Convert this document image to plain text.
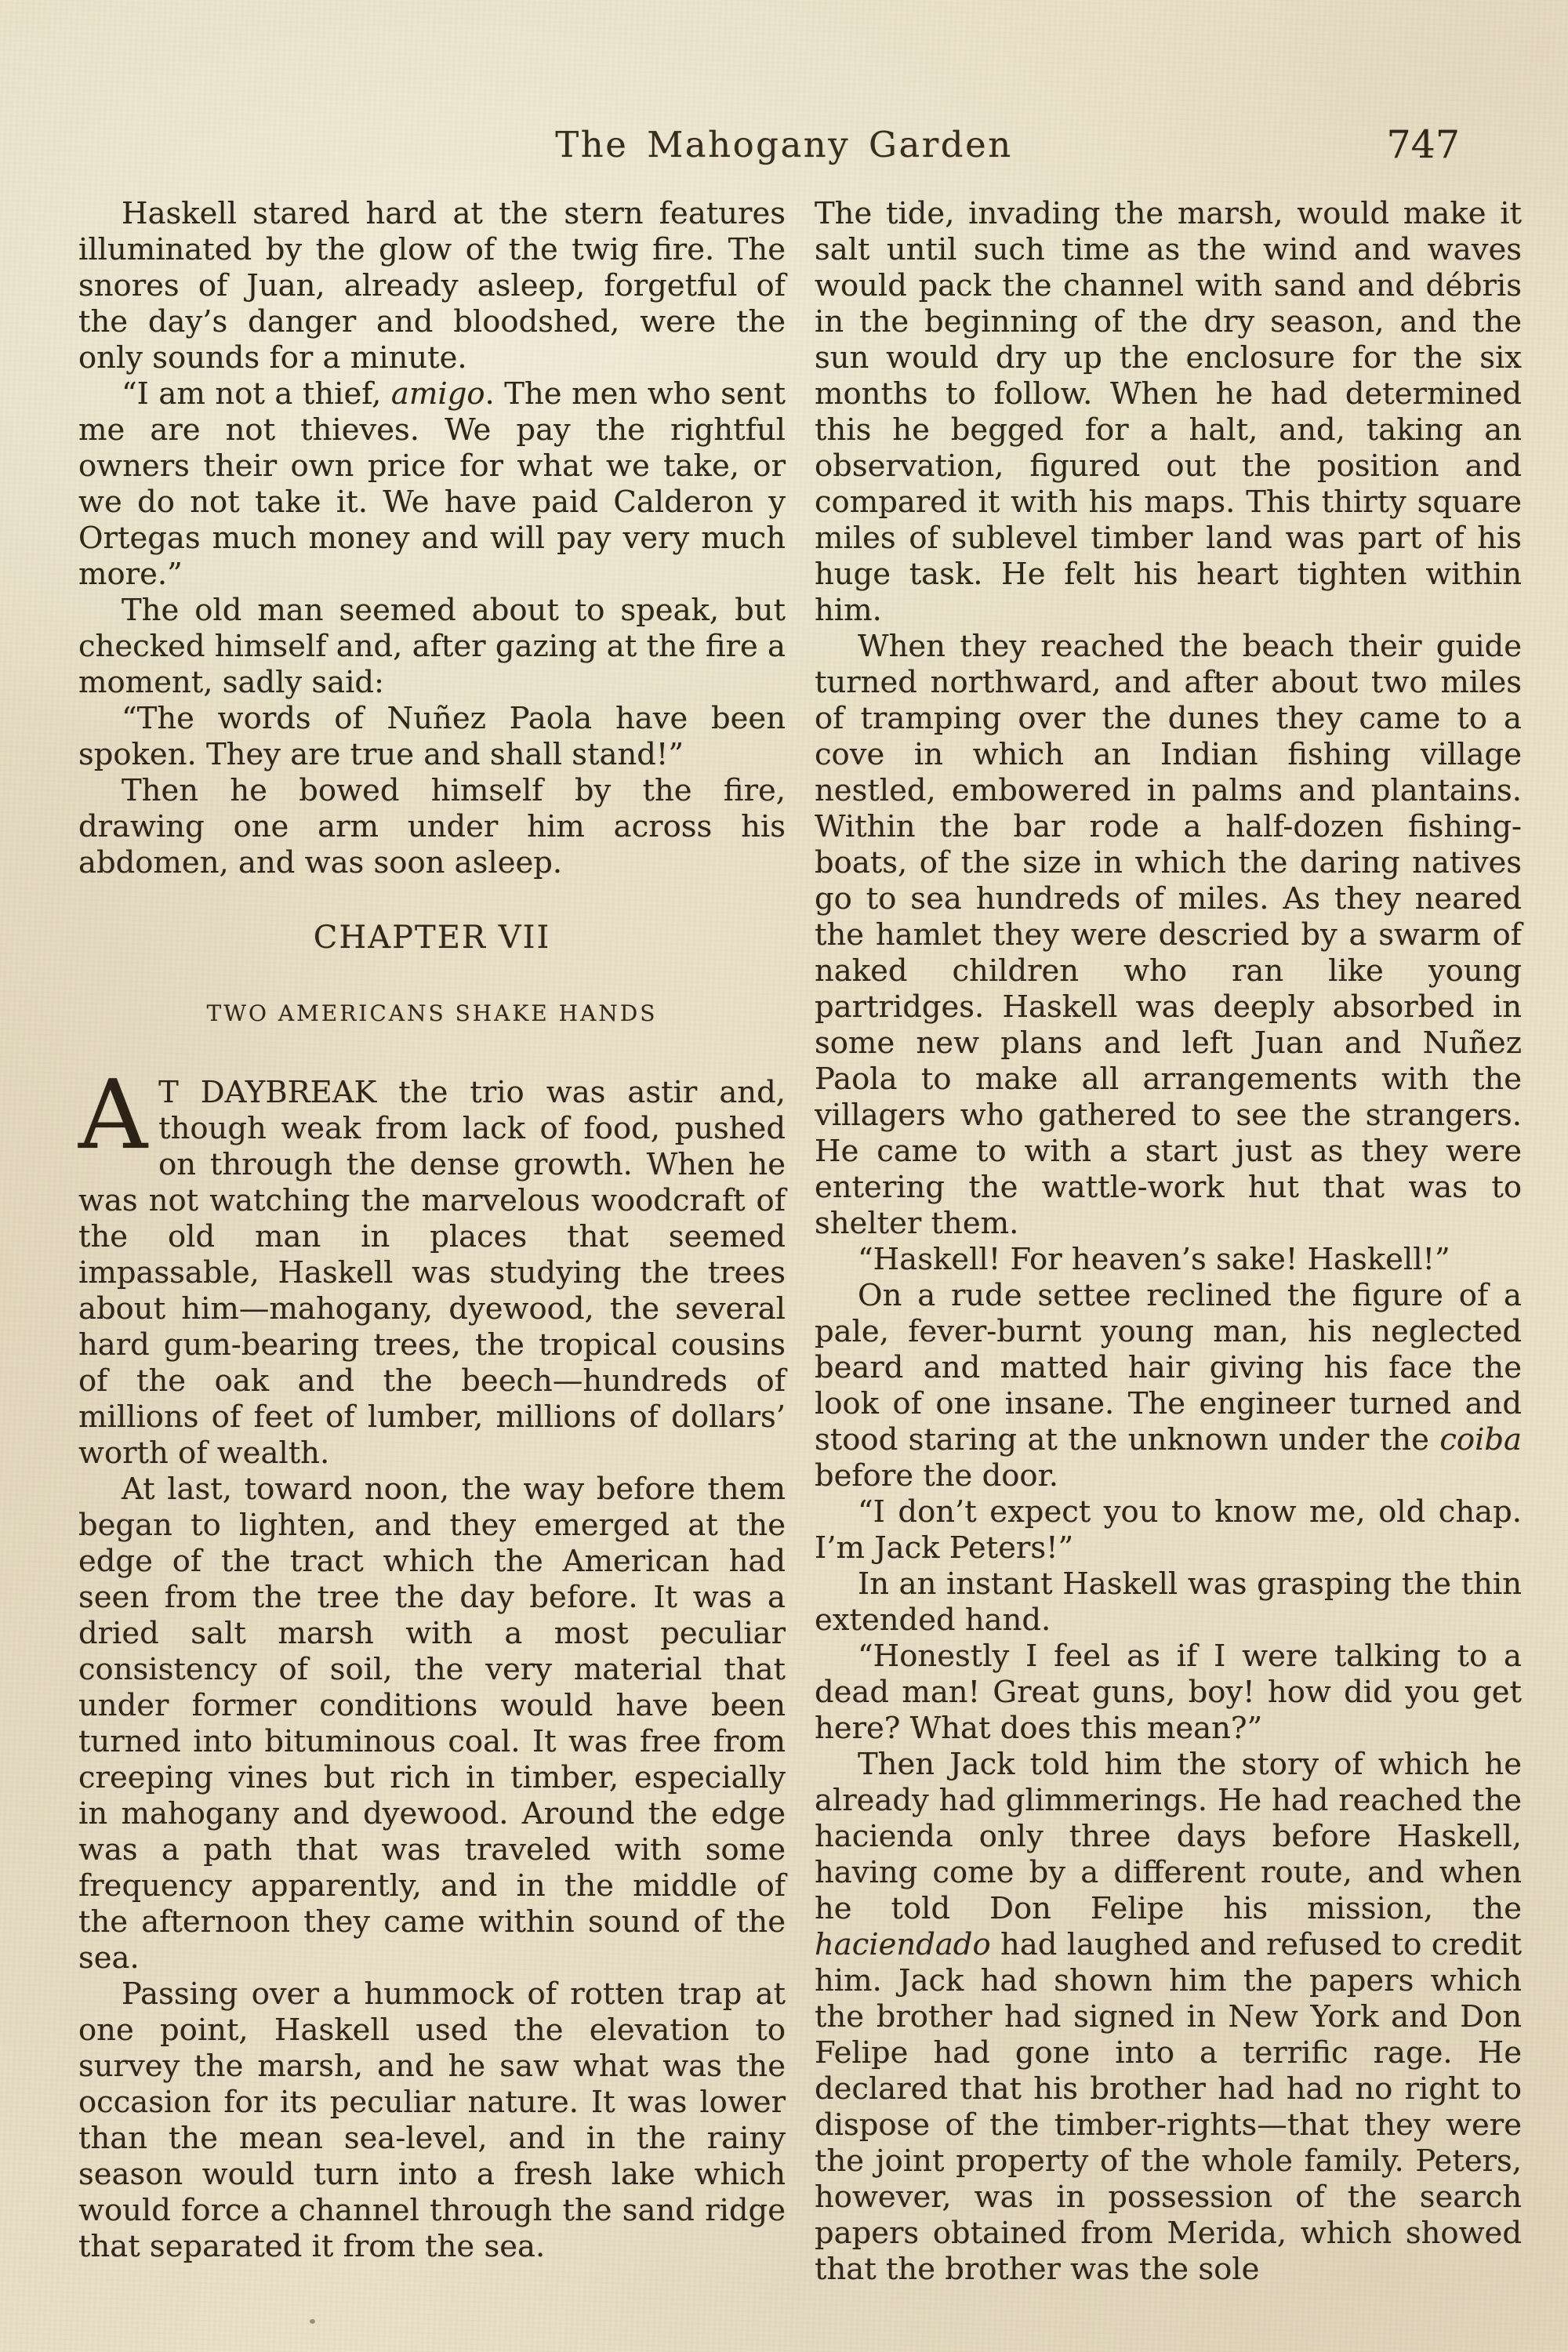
The Mahogany Garden	747

Haskell stared hard at the stern features illuminated by the glow of the twig fire. The snores of Juan, already asleep, forgetful of the day’s danger and bloodshed, were the only sounds for a minute.

“I am not a thief, amigo. The men who sent me are not thieves. We pay the rightful owners their own price for what we take, or we do not take it. We have paid Calderon y Ortegas much money and will pay very much more.”

The old man seemed about to speak, but checked himself and, after gazing at the fire a moment, sadly said:

“The words of Nuñez Paola have been spoken. They are true and shall stand!”

Then he bowed himself by the fire, drawing one arm under him across his abdomen, and was soon asleep.

CHAPTER VII
TWO AMERICANS SHAKE HANDS

A T DAYBREAK the trio was astir and, though weak from lack of food, pushed on through the dense growth. When he was not watching the marvelous woodcraft of the old man in places that seemed impassable, Haskell was studying the trees about him—mahogany, dyewood, the several hard gum-bearing trees, the tropical cousins of the oak and the beech—hundreds of millions of feet of lumber, millions of dollars’ worth of wealth.

At last, toward noon, the way before them began to lighten, and they emerged at the edge of the tract which the American had seen from the tree the day before. It was a dried salt marsh with a most peculiar consistency of soil, the very material that under former conditions would have been turned into bituminous coal. It was free from creeping vines but rich in timber, especially in mahogany and dyewood. Around the edge was a path that was traveled with some frequency apparently, and in the middle of the afternoon they came within sound of the sea.

Passing over a hummock of rotten trap at one point, Haskell used the elevation to survey the marsh, and he saw what was the occasion for its peculiar nature. It was lower than the mean sea-level, and in the rainy season would turn into a fresh lake which would force a channel through the sand ridge that separated it from the sea.

The tide, invading the marsh, would make it salt until such time as the wind and waves would pack the channel with sand and débris in the beginning of the dry season, and the sun would dry up the enclosure for the six months to follow. When he had determined this he begged for a halt, and, taking an observation, figured out the position and compared it with his maps. This thirty square miles of sublevel timber land was part of his huge task. He felt his heart tighten within him.

When they reached the beach their guide turned northward, and after about two miles of tramping over the dunes they came to a cove in which an Indian fishing village nestled, embowered in palms and plantains. Within the bar rode a half-dozen fishing-boats, of the size in which the daring natives go to sea hundreds of miles. As they neared the hamlet they were descried by a swarm of naked children who ran like young partridges. Haskell was deeply absorbed in some new plans and left Juan and Nuñez Paola to make all arrangements with the villagers who gathered to see the strangers. He came to with a start just as they were entering the wattle-work hut that was to shelter them.

“Haskell! For heaven’s sake! Haskell!”

On a rude settee reclined the figure of a pale, fever-burnt young man, his neglected beard and matted hair giving his face the look of one insane. The engineer turned and stood staring at the unknown under the coiba before the door.

“I don’t expect you to know me, old chap. I’m Jack Peters!”

In an instant Haskell was grasping the thin extended hand.

“Honestly I feel as if I were talking to a dead man! Great guns, boy! how did you get here? What does this mean?”

Then Jack told him the story of which he already had glimmerings. He had reached the hacienda only three days before Haskell, having come by a different route, and when he told Don Felipe his mission, the haciendado had laughed and refused to credit him. Jack had shown him the papers which the brother had signed in New York and Don Felipe had gone into a terrific rage. He declared that his brother had had no right to dispose of the timber-rights—that they were the joint property of the whole family. Peters, however, was in possession of the search papers obtained from Merida, which showed that the brother was the sole
